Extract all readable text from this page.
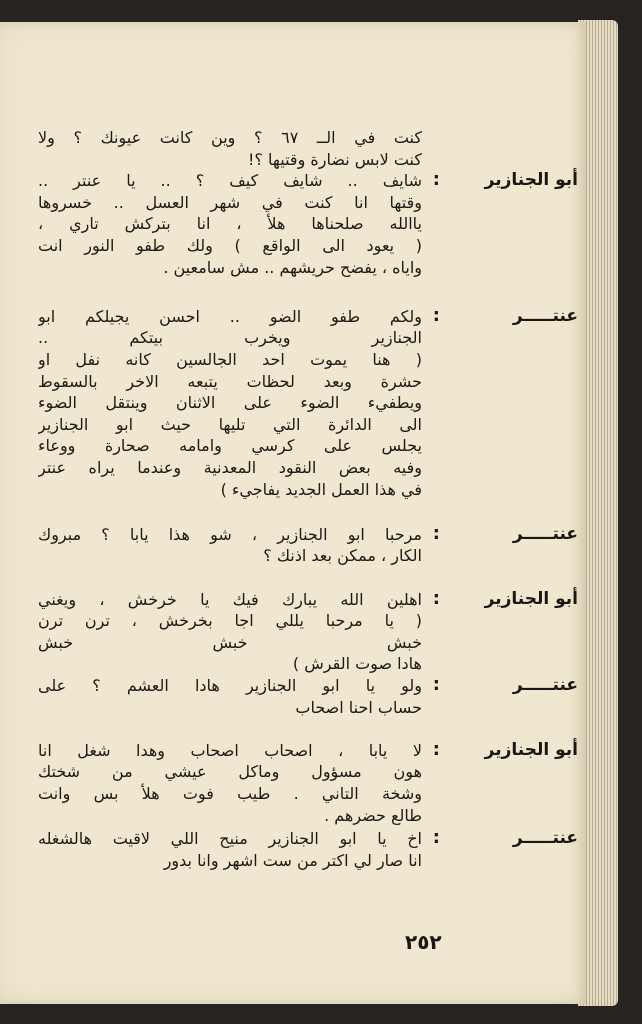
كنت في الــ ٦٧ ؟ وين كانت عيونك ؟ ولا
كنت لابس نضارة وقتيها ؟!
أبو الجنازير
:
شايف .. شايف كيف ؟ .. يا عنتر ..
وقتها انا كنت في شهر العسل .. خسروها
ياالله صلحناها هلأ ، انا بتركش تاري ،
( يعود الى الواقع ) ولك طفو النور انت
واياه ، يفضح حريشهم .. مش سامعين .
عنتـــــر
:
ولكم طفو الضو .. احسن يجيلكم ابو
الجنازير ويخرب بيتكم ..
( هنا يموت احد الجالسين كانه نفل او
حشرة وبعد لحظات يتبعه الاخر بالسقوط
ويطفيء الضوء على الاثنان وينتقل الضوء
الى الدائرة التي تليها حيث ابو الجنازير
يجلس على كرسي وامامه صحارة ووعاء
وفيه بعض النقود المعدنية وعندما يراه عنتر
في هذا العمل الجديد يفاجيء )
عنتـــــر
:
مرحبا ابو الجنازير ، شو هذا يابا ؟ مبروك
الكار ، ممكن بعد اذنك ؟
أبو الجنازير
:
اهلين الله يبارك فيك يا خرخش ، ويغني
( يا مرحبا يللي اجا بخرخش ، ترن ترن
خبش خبش خبش
هادا صوت القرش )
عنتـــــر
:
ولو يا ابو الجنازير هادا العشم ؟ على
حساب احنا اصحاب
أبو الجنازير
:
لا يابا ، اصحاب اصحاب وهدا شغل انا
هون مسؤول وماكل عيشي من شختك
وشخة التاني . طيب فوت هلأ بس وانت
طالع حضرهم .
عنتـــــر
:
اخ يا ابو الجنازير منيح اللي لاقيت هالشغله
انا صار لي اكتر من ست اشهر وانا بدور
٢٥٢
